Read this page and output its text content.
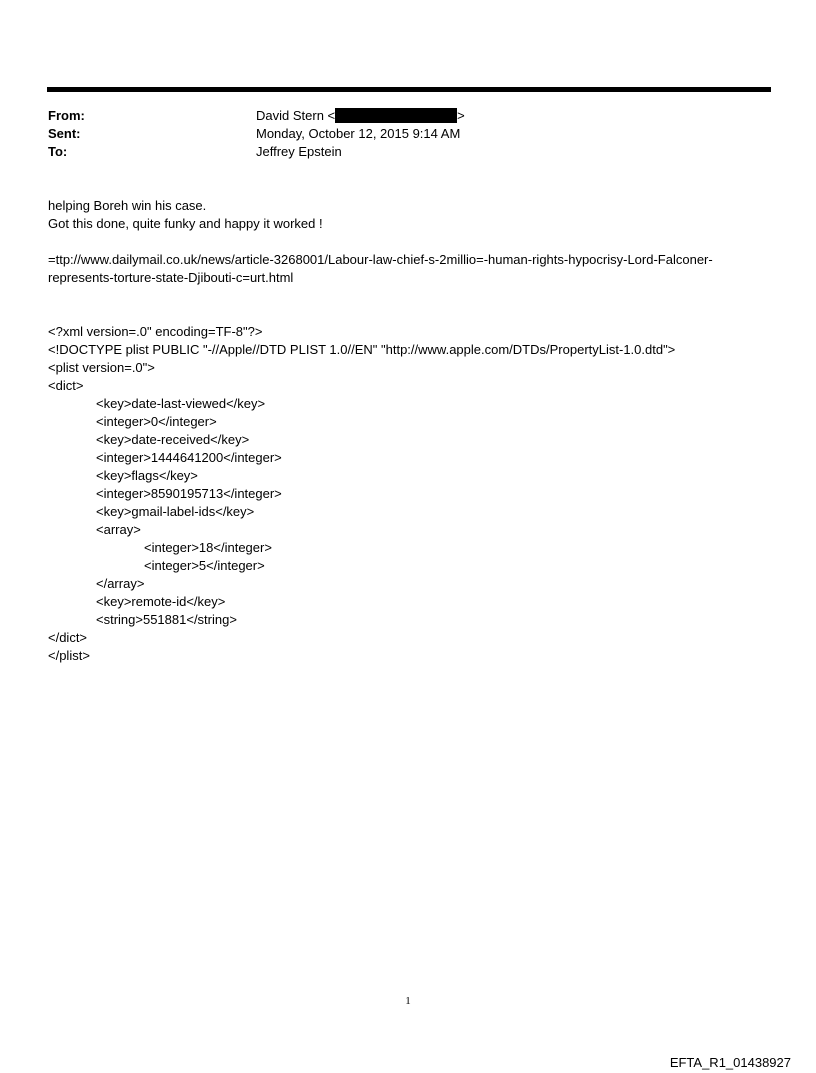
From:	David Stern <	>
Sent:	Monday, October 12, 2015 9:14 AM
To:	Jeffrey Epstein

helping Boreh win his case.

Got this done, quite funky and happy it worked !

=ttp://www.dailymail.co.uk/news/article-3268001/Labour-law-chief-s-2millio=-human-rights-hypocrisy-Lord-Falconer-

represents-torture-state-Djibouti-c=urt.html

<?xml version=.0" encoding=TF-8"?>

<!DOCTYPE plist PUBLIC "-//Apple//DTD PLIST 1.0//EN" "http://www.apple.com/DTDs/PropertyList-1.0.dtd">

<plist version=.0">

<dict>

<key>date-last-viewed</key>

<integer>0</integer>

<key>date-received</key>

<integer>1444641200</integer>

<key>flags</key>

<integer>8590195713</integer>

<key>gmail-label-ids</key>

<array>

<integer>18</integer>

<integer>5</integer>

</array>

<key>remote-id</key>

<string>551881</string>

</dict>

</plist>

1
EFTA_R1_01438927
